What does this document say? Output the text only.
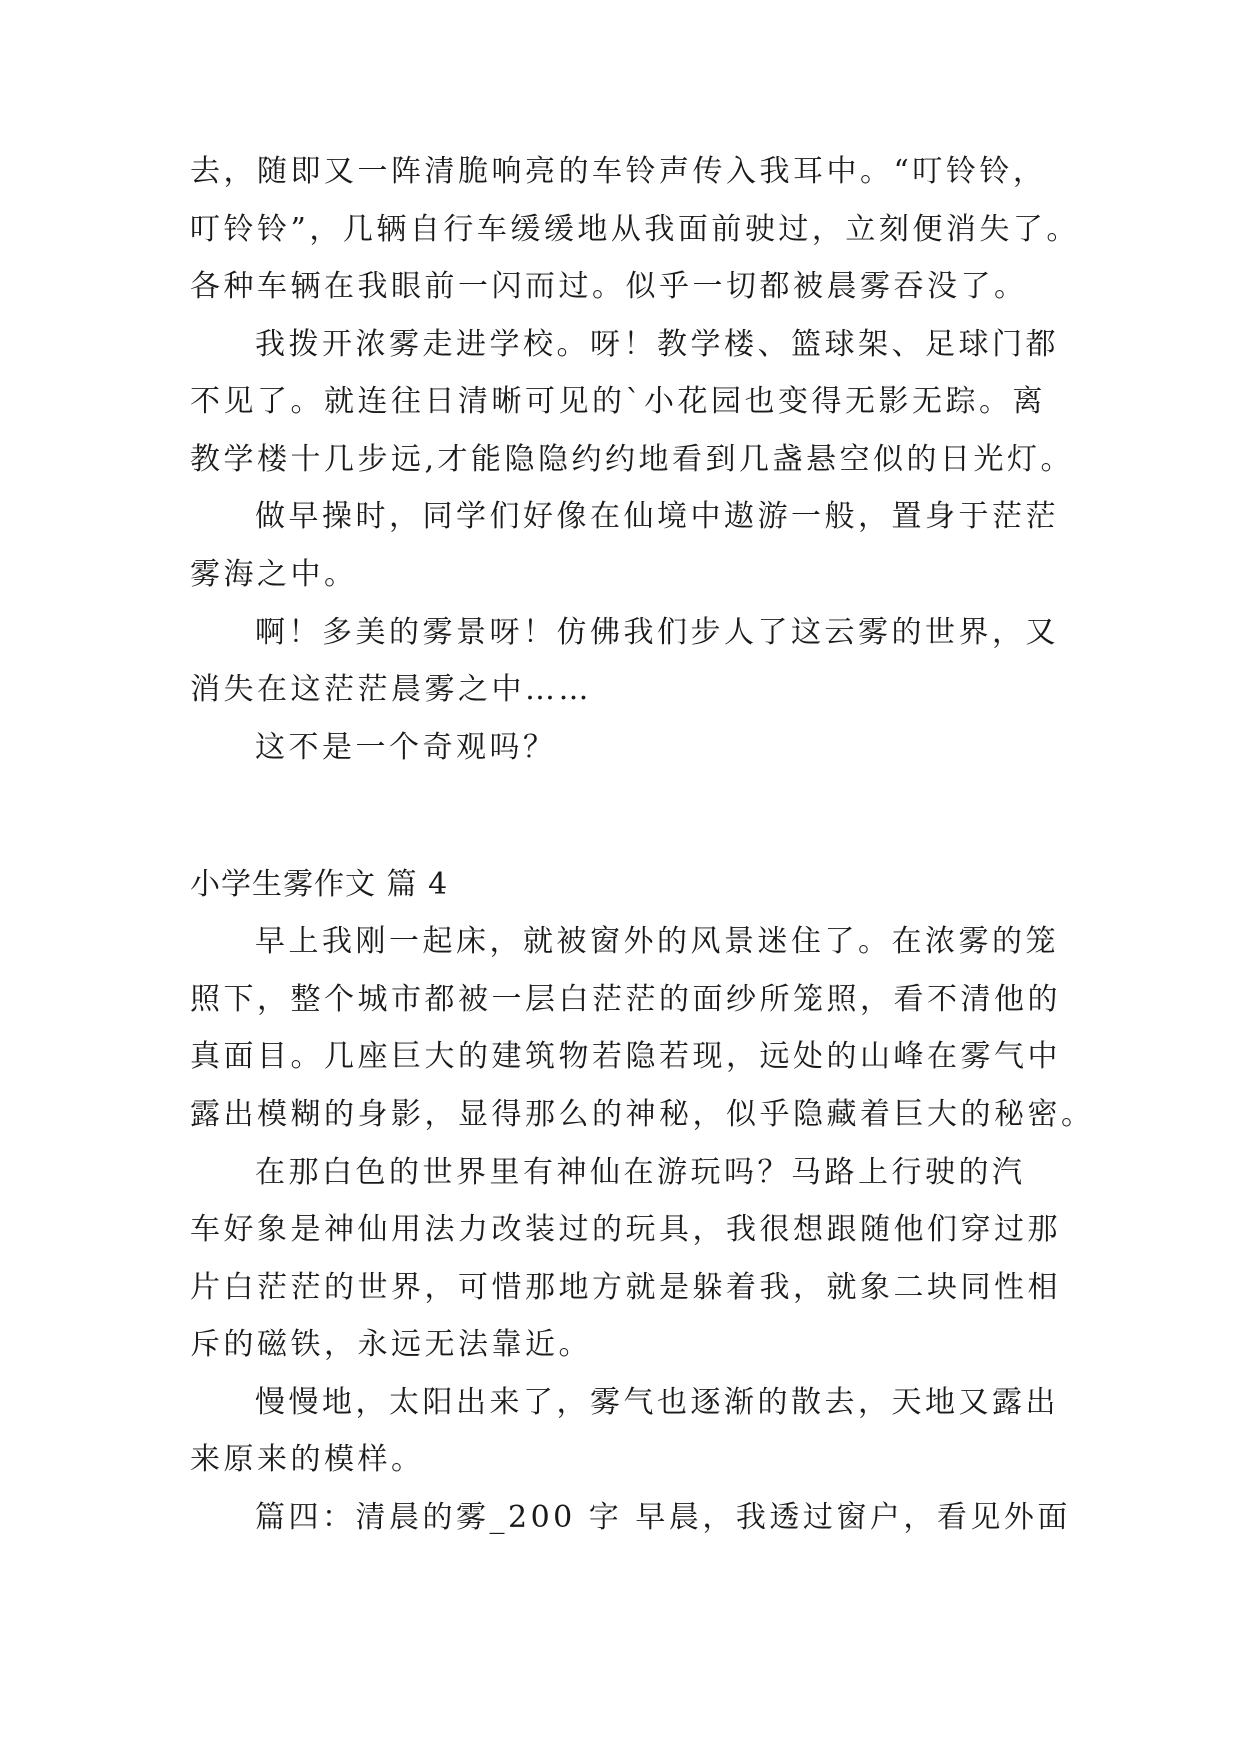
去，随即又一阵清脆响亮的车铃声传入我耳中。“叮铃铃，
叮铃铃”，几辆自行车缓缓地从我面前驶过，立刻便消失了。
各种车辆在我眼前一闪而过。似乎一切都被晨雾吞没了。
我拨开浓雾走进学校。呀！教学楼、篮球架、足球门都
不见了。就连往日清晰可见的`小花园也变得无影无踪。离
教学楼十几步远,才能隐隐约约地看到几盏悬空似的日光灯。
做早操时，同学们好像在仙境中遨游一般，置身于茫茫
雾海之中。
啊！多美的雾景呀！仿佛我们步人了这云雾的世界，又
消失在这茫茫晨雾之中……
这不是一个奇观吗？
小学生雾作文 篇 4
早上我刚一起床，就被窗外的风景迷住了。在浓雾的笼
照下，整个城市都被一层白茫茫的面纱所笼照，看不清他的
真面目。几座巨大的建筑物若隐若现，远处的山峰在雾气中
露出模糊的身影，显得那么的神秘，似乎隐藏着巨大的秘密。
在那白色的世界里有神仙在游玩吗？马路上行驶的汽
车好象是神仙用法力改装过的玩具，我很想跟随他们穿过那
片白茫茫的世界，可惜那地方就是躲着我，就象二块同性相
斥的磁铁，永远无法靠近。
慢慢地，太阳出来了，雾气也逐渐的散去，天地又露出
来原来的模样。
篇四：清晨的雾_200 字 早晨，我透过窗户，看见外面
